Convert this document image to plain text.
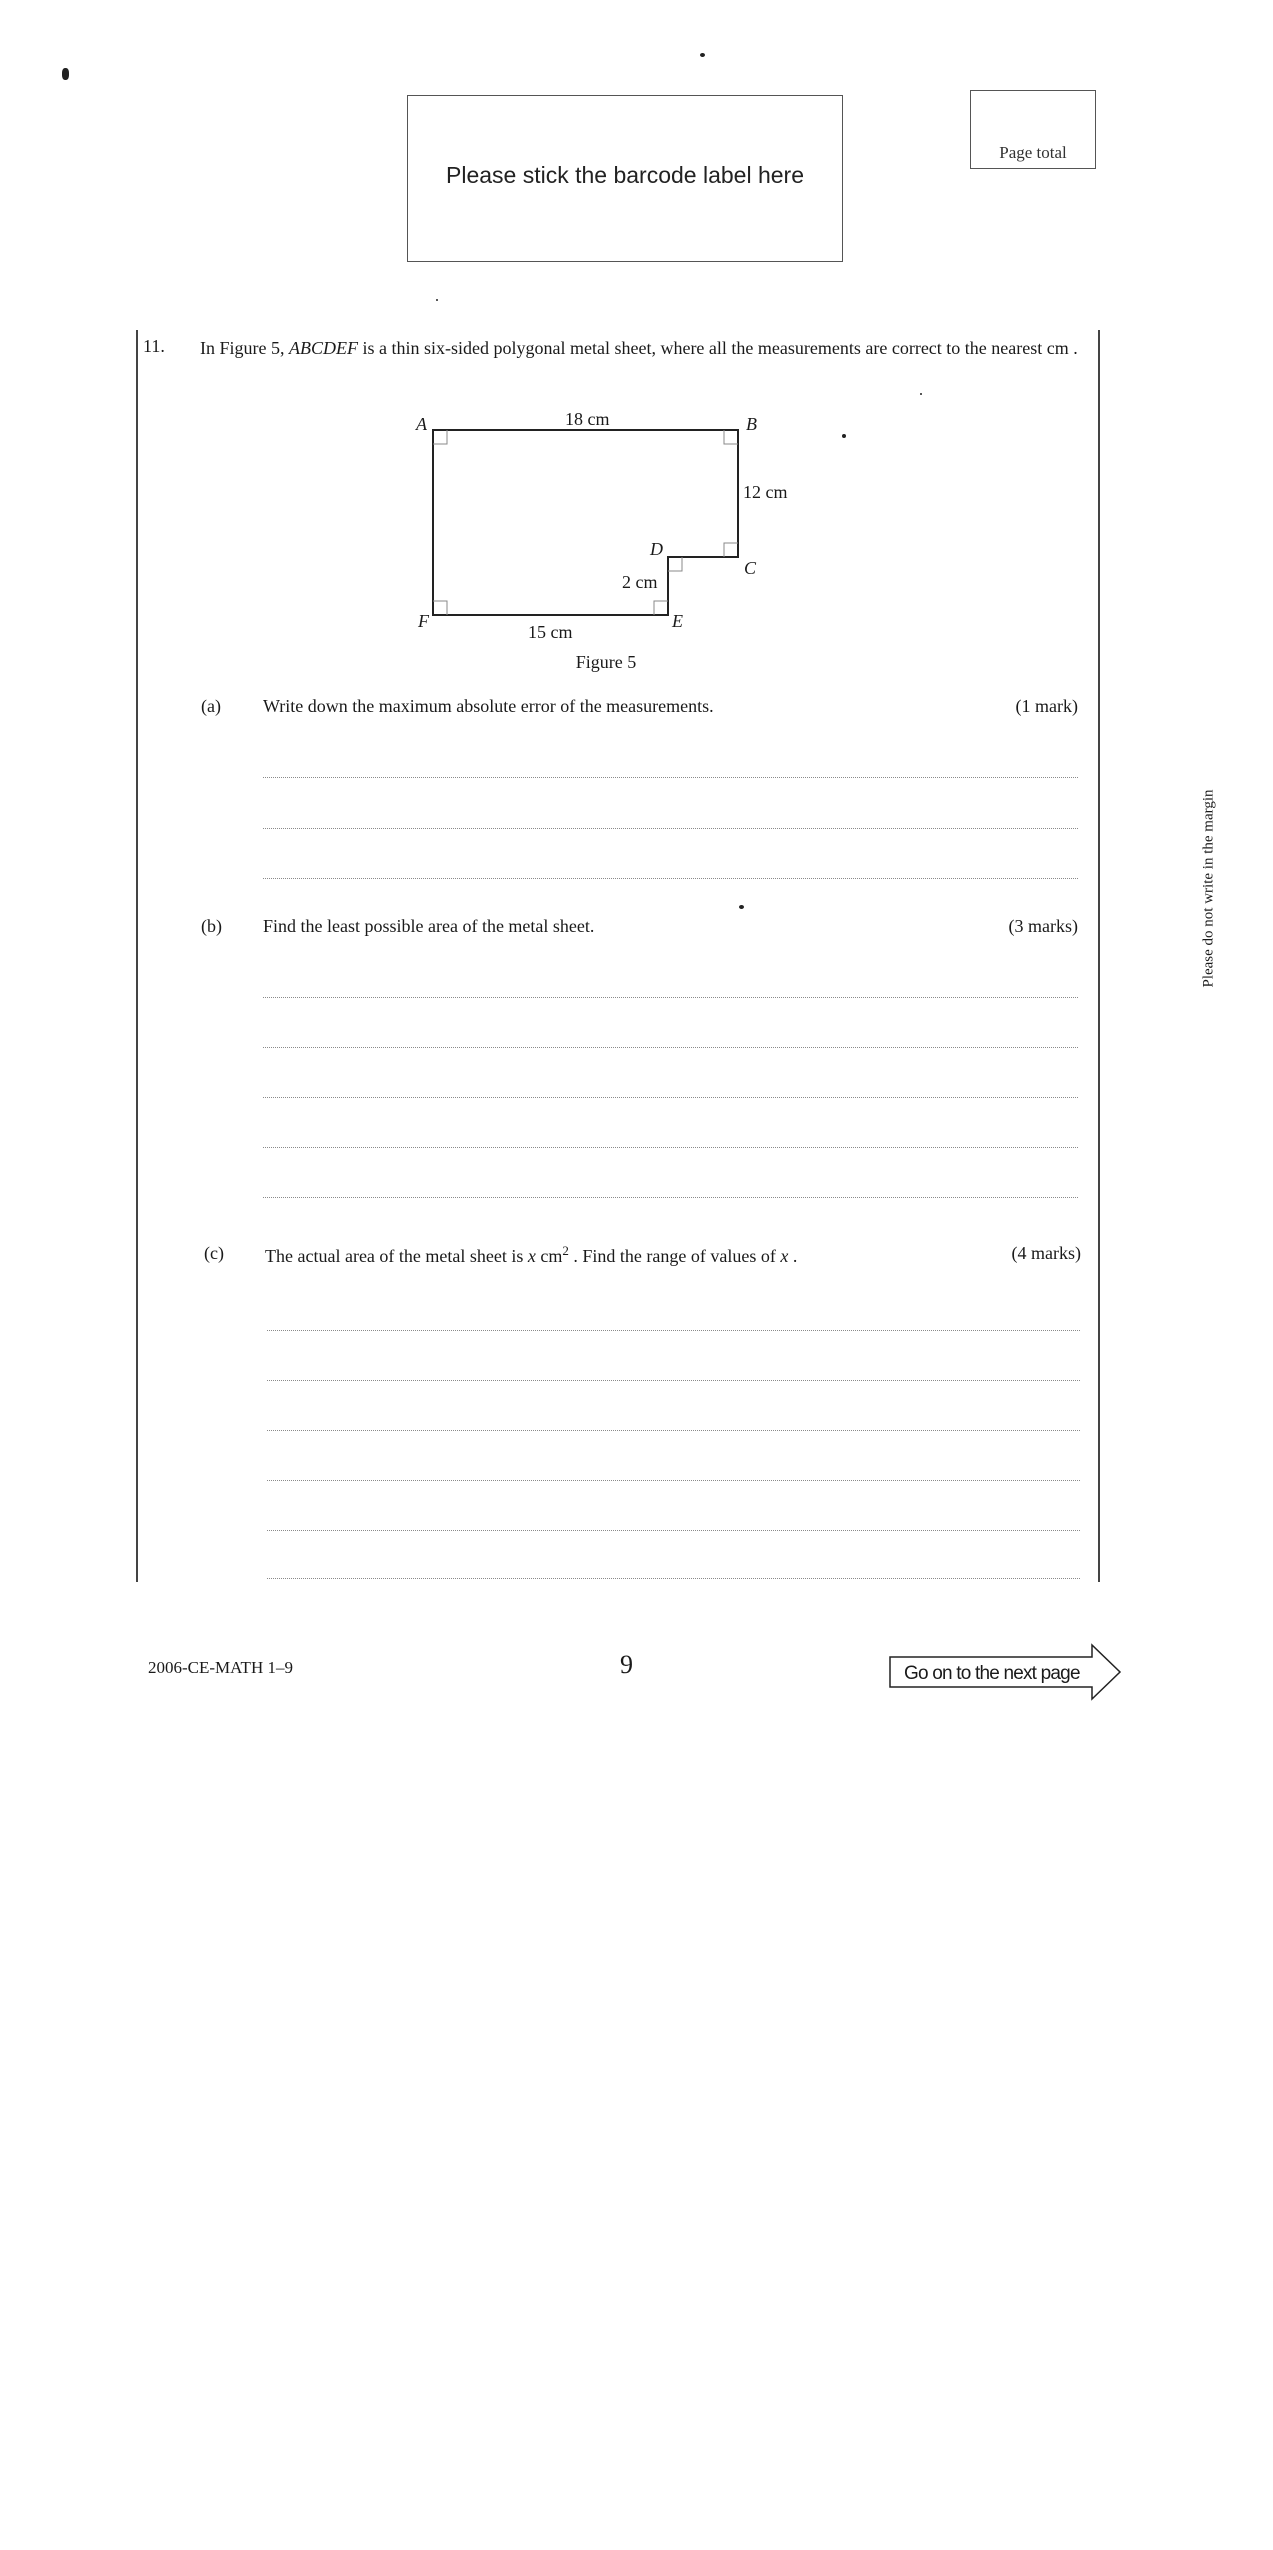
Please stick the barcode label here
Page total
11. In Figure 5, ABCDEF is a thin six-sided polygonal metal sheet, where all the measurements are correct to the nearest cm .
A	B
C
D
E
F
18 cm
12 cm
2 cm
15 cm
Figure 5
(a) Write down the maximum absolute error of the measurements.	(1 mark)
(b) Find the least possible area of the metal sheet.	(3 marks)
(c) The actual area of the metal sheet is x $cm^2$ . Find the range of values of x .	(4 marks)
Please do not write in the margin
2006-CE-MATH 1–9	9	Go on to the next page
